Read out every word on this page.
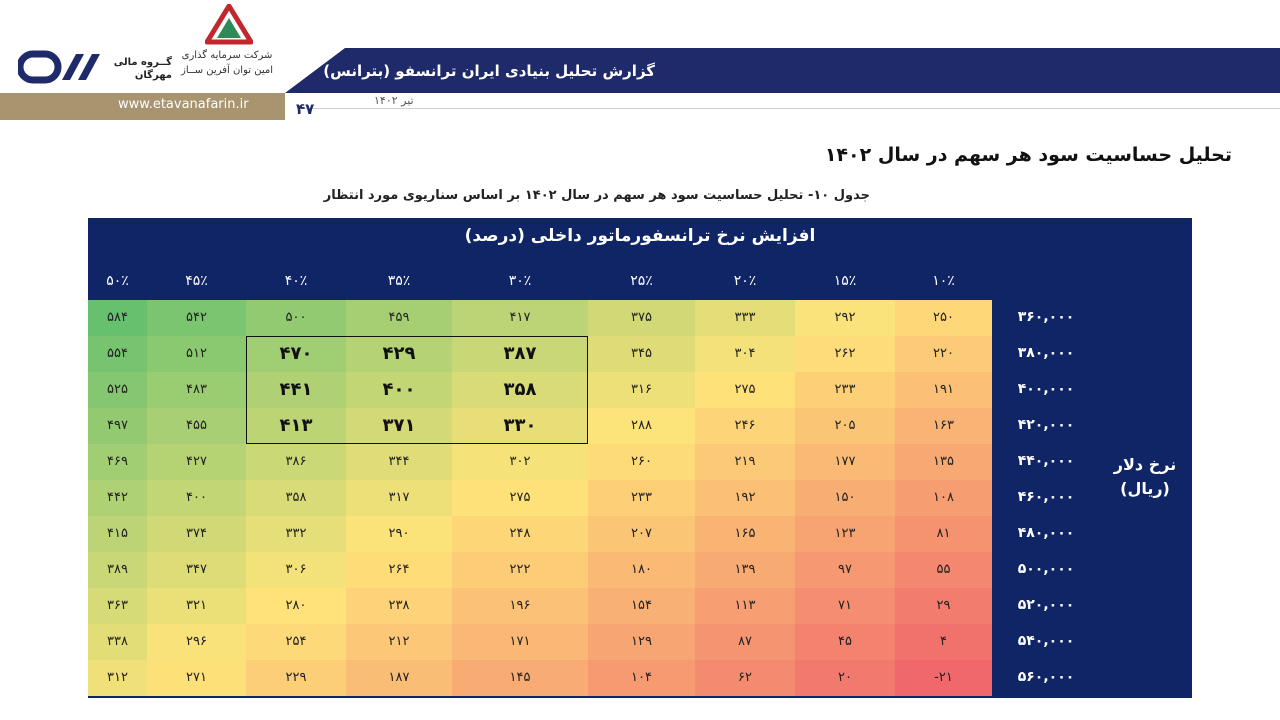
گزارش تحلیل بنیادی ایران ترانسفو (بترانس)
تیر ۱۴۰۲
۴۷
www.etavanafarin.ir
گــروه مالی
مهرگان
شرکت سرمایه گذاری
امین توان آفرین ســاز
تحلیل حساسیت سود هر سهم در سال ۱۴۰۲
جدول ۱۰- تحلیل حساسیت سود هر سهم در سال ۱۴۰۲ بر اساس سناریوی مورد انتظار
افزایش نرخ ترانسفورماتور داخلی (درصد)
نرخ دلار
(ریال)
۵۰٪	۴۵٪	۴۰٪	۳۵٪	۳۰٪	۲۵٪	۲۰٪	۱۵٪	۱۰٪
۳۶۰,۰۰۰
۵۸۴	۵۴۲	۵۰۰	۴۵۹	۴۱۷	۳۷۵	۳۳۳	۲۹۲	۲۵۰
۳۸۰,۰۰۰
۵۵۴	۵۱۲	۴۷۰	۴۲۹	۳۸۷	۳۴۵	۳۰۴	۲۶۲	۲۲۰
۴۰۰,۰۰۰
۵۲۵	۴۸۳	۴۴۱	۴۰۰	۳۵۸	۳۱۶	۲۷۵	۲۳۳	۱۹۱
۴۲۰,۰۰۰
۴۹۷	۴۵۵	۴۱۳	۳۷۱	۳۳۰	۲۸۸	۲۴۶	۲۰۵	۱۶۳
۴۴۰,۰۰۰
۴۶۹	۴۲۷	۳۸۶	۳۴۴	۳۰۲	۲۶۰	۲۱۹	۱۷۷	۱۳۵
۴۶۰,۰۰۰
۴۴۲	۴۰۰	۳۵۸	۳۱۷	۲۷۵	۲۳۳	۱۹۲	۱۵۰	۱۰۸
۴۸۰,۰۰۰
۴۱۵	۳۷۴	۳۳۲	۲۹۰	۲۴۸	۲۰۷	۱۶۵	۱۲۳	۸۱
۵۰۰,۰۰۰
۳۸۹	۳۴۷	۳۰۶	۲۶۴	۲۲۲	۱۸۰	۱۳۹	۹۷	۵۵
۵۲۰,۰۰۰
۳۶۳	۳۲۱	۲۸۰	۲۳۸	۱۹۶	۱۵۴	۱۱۳	۷۱	۲۹
۵۴۰,۰۰۰
۳۳۸	۲۹۶	۲۵۴	۲۱۲	۱۷۱	۱۲۹	۸۷	۴۵	۴
۵۶۰,۰۰۰
۳۱۲	۲۷۱	۲۲۹	۱۸۷	۱۴۵	۱۰۴	۶۲	۲۰	-۲۱
